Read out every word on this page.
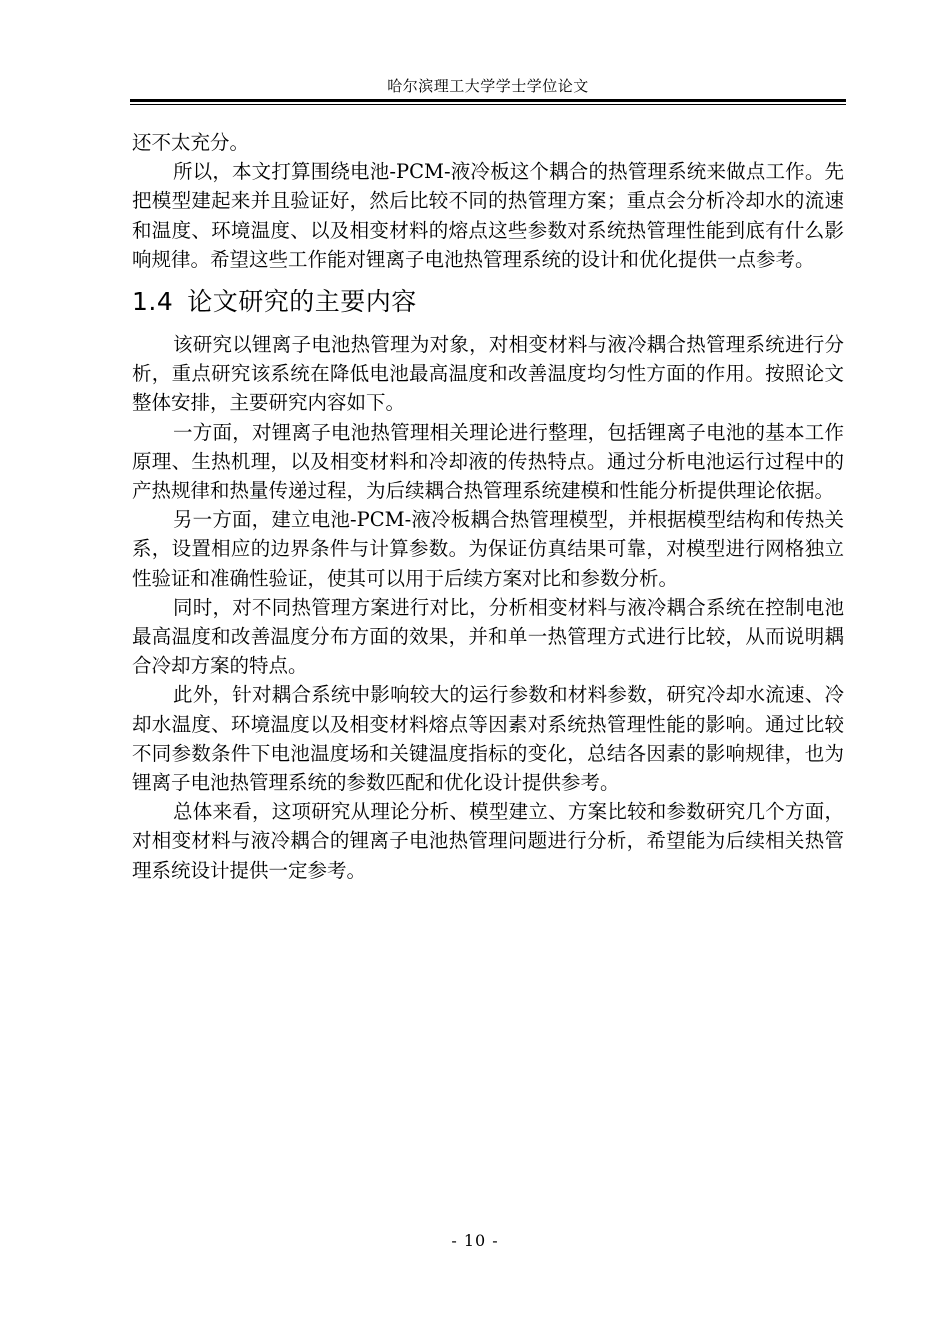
哈尔滨理工大学学士学位论文

还不太充分。

所以，本文打算围绕电池-PCM-液冷板这个耦合的热管理系统来做点工作。先把模型建起来并且验证好，然后比较不同的热管理方案；重点会分析冷却水的流速和温度、环境温度、以及相变材料的熔点这些参数对系统热管理性能到底有什么影响规律。希望这些工作能对锂离子电池热管理系统的设计和优化提供一点参考。

1.4 论文研究的主要内容

该研究以锂离子电池热管理为对象，对相变材料与液冷耦合热管理系统进行分析，重点研究该系统在降低电池最高温度和改善温度均匀性方面的作用。按照论文整体安排，主要研究内容如下。

一方面，对锂离子电池热管理相关理论进行整理，包括锂离子电池的基本工作原理、生热机理，以及相变材料和冷却液的传热特点。通过分析电池运行过程中的产热规律和热量传递过程，为后续耦合热管理系统建模和性能分析提供理论依据。

另一方面，建立电池-PCM-液冷板耦合热管理模型，并根据模型结构和传热关系，设置相应的边界条件与计算参数。为保证仿真结果可靠，对模型进行网格独立性验证和准确性验证，使其可以用于后续方案对比和参数分析。

同时，对不同热管理方案进行对比，分析相变材料与液冷耦合系统在控制电池最高温度和改善温度分布方面的效果，并和单一热管理方式进行比较，从而说明耦合冷却方案的特点。

此外，针对耦合系统中影响较大的运行参数和材料参数，研究冷却水流速、冷却水温度、环境温度以及相变材料熔点等因素对系统热管理性能的影响。通过比较不同参数条件下电池温度场和关键温度指标的变化，总结各因素的影响规律，也为锂离子电池热管理系统的参数匹配和优化设计提供参考。

总体来看，这项研究从理论分析、模型建立、方案比较和参数研究几个方面，对相变材料与液冷耦合的锂离子电池热管理问题进行分析，希望能为后续相关热管理系统设计提供一定参考。

- 10 -
